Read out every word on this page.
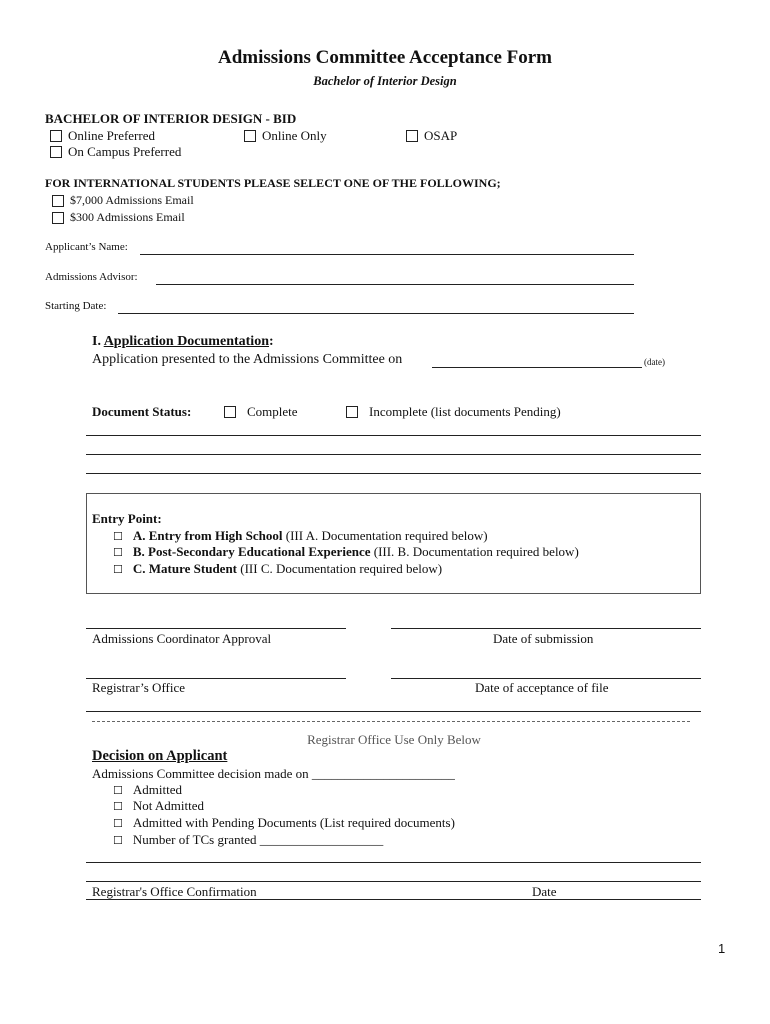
Admissions Committee Acceptance Form
Bachelor of Interior Design
BACHELOR OF INTERIOR DESIGN - BID
Online Preferred	Online Only	OSAP
On Campus Preferred
FOR INTERNATIONAL STUDENTS PLEASE SELECT ONE OF THE FOLLOWING;
$7,000 Admissions Email
$300 Admissions Email
Applicant’s Name:
Admissions Advisor:
Starting Date:
I. Application Documentation:
Application presented to the Admissions Committee on	(date)
Document Status:	Complete	Incomplete (list documents Pending)
Entry Point:
☐ A. Entry from High School (III A. Documentation required below)
☐ B. Post-Secondary Educational Experience (III. B. Documentation required below)
☐ C. Mature Student (III C. Documentation required below)
Admissions Coordinator Approval	Date of submission
Registrar’s Office	Date of acceptance of file
Registrar Office Use Only Below
Decision on Applicant
Admissions Committee decision made on ______________________
☐ Admitted
☐ Not Admitted
☐ Admitted with Pending Documents (List required documents)
☐ Number of TCs granted ___________________
Registrar's Office Confirmation	Date
1
